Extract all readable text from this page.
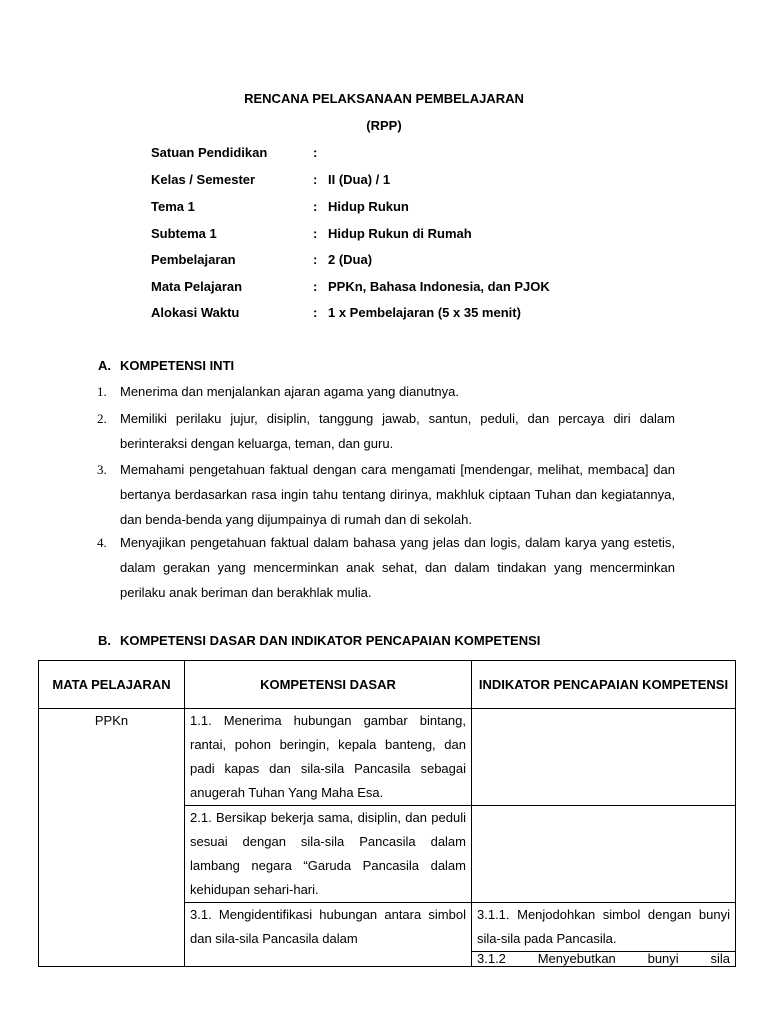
RENCANA PELAKSANAAN PEMBELAJARAN
(RPP)
Satuan Pendidikan	:
Kelas / Semester	: II (Dua) / 1
Tema 1	: Hidup Rukun
Subtema 1	: Hidup Rukun di Rumah
Pembelajaran	: 2 (Dua)
Mata Pelajaran	: PPKn, Bahasa Indonesia, dan PJOK
Alokasi Waktu	: 1 x Pembelajaran (5 x 35 menit)
A. KOMPETENSI INTI
1. Menerima dan menjalankan ajaran agama yang dianutnya.
2. Memiliki perilaku jujur, disiplin, tanggung jawab, santun, peduli, dan percaya diri dalam berinteraksi dengan keluarga, teman, dan guru.
3. Memahami pengetahuan faktual dengan cara mengamati [mendengar, melihat, membaca] dan bertanya berdasarkan rasa ingin tahu tentang dirinya, makhluk ciptaan Tuhan dan kegiatannya, dan benda-benda yang dijumpainya di rumah dan di sekolah.
4. Menyajikan pengetahuan faktual dalam bahasa yang jelas dan logis, dalam karya yang estetis, dalam gerakan yang mencerminkan anak sehat, dan dalam tindakan yang mencerminkan perilaku anak beriman dan berakhlak mulia.
B. KOMPETENSI DASAR DAN INDIKATOR PENCAPAIAN KOMPETENSI
MATA PELAJARAN	KOMPETENSI DASAR	INDIKATOR PENCAPAIAN KOMPETENSI
PPKn	1.1. Menerima hubungan gambar bintang, rantai, pohon beringin, kepala banteng, dan padi kapas dan sila-sila Pancasila sebagai anugerah Tuhan Yang Maha Esa.	
	2.1. Bersikap bekerja sama, disiplin, dan peduli sesuai dengan sila-sila Pancasila dalam lambang negara “Garuda Pancasila dalam kehidupan sehari-hari.	

	3.1. Mengidentifikasi hubungan antara simbol dan sila-sila Pancasila dalam	3.1.1. Menjodohkan simbol dengan bunyi sila-sila pada Pancasila.

		3.1.2 Menyebutkan bunyi sila
